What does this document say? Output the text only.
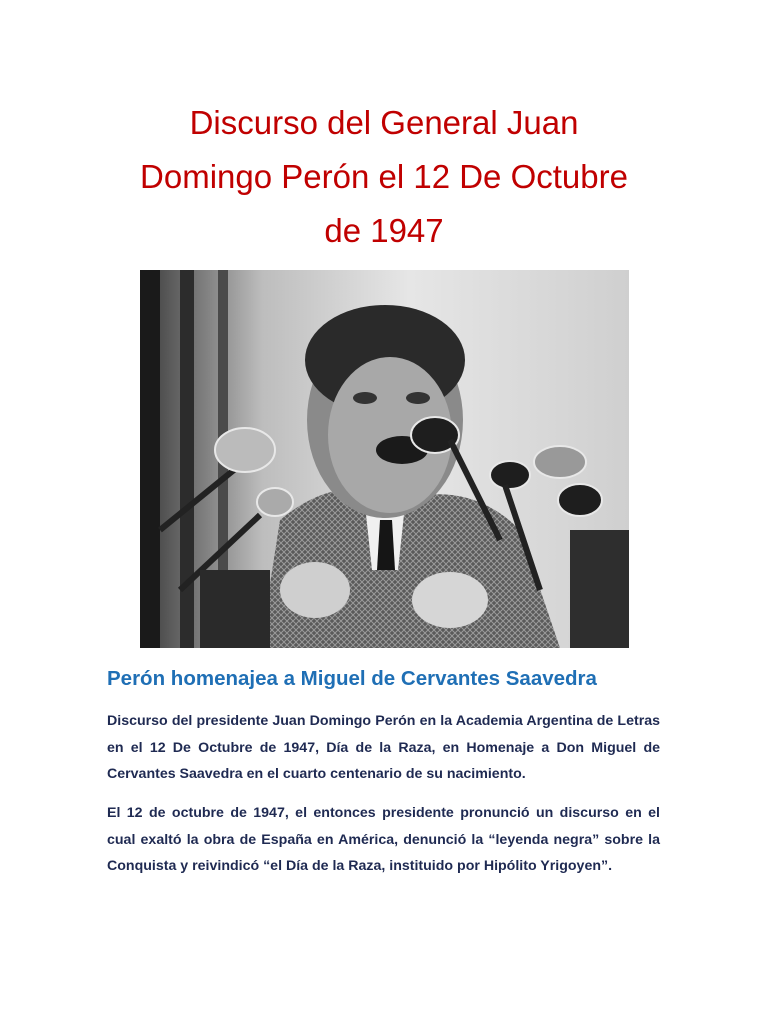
Discurso del General Juan
Domingo Perón el 12 De Octubre
de 1947
Perón homenajea a Miguel de Cervantes Saavedra

Discurso del presidente Juan Domingo Perón en la Academia Argentina de Letras en el 12 De Octubre de 1947, Día de la Raza, en Homenaje a Don Miguel de Cervantes Saavedra en el cuarto centenario de su nacimiento.

El 12 de octubre de 1947, el entonces presidente pronunció un discurso en el cual exaltó la obra de España en América, denunció la “leyenda negra” sobre la Conquista y reivindicó “el Día de la Raza, instituido por Hipólito Yrigoyen”.
